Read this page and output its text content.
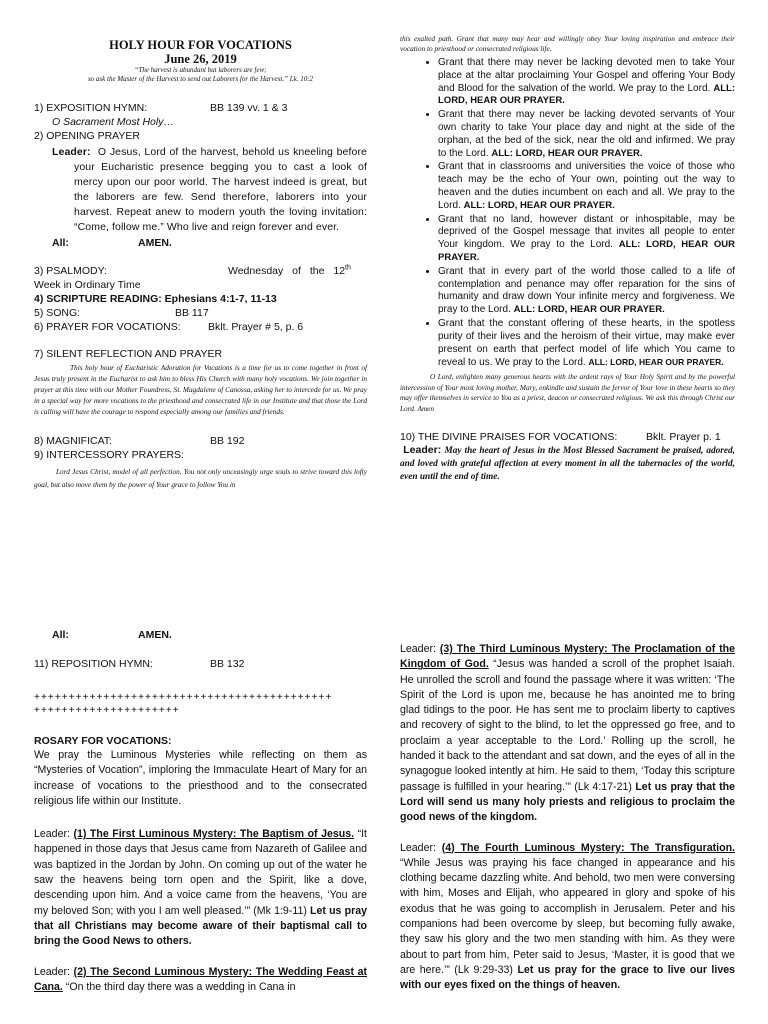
HOLY HOUR FOR VOCATIONS
June 26, 2019
“The harvest is abundant but laborers are few;
so ask the Master of the Harvest to send out Laborers for the Harvest.” Lk. 10:2
1) EXPOSITION HYMN:	BB 139 vv. 1 & 3
O Sacrament Most Holy…
2) OPENING PRAYER
Leader: O Jesus, Lord of the harvest, behold us kneeling before your Eucharistic presence begging you to cast a look of mercy upon our poor world. The harvest indeed is great, but the laborers are few. Send therefore, laborers into your harvest. Repeat anew to modern youth the loving invitation: “Come, follow me.” Who live and reign forever and ever.
All:	AMEN.
3) PSALMODY:	Wednesday of the 12th
Week in Ordinary Time
4) SCRIPTURE READING: Ephesians 4:1-7, 11-13
5) SONG:	BB 117
6) PRAYER FOR VOCATIONS:	Bklt. Prayer # 5, p. 6
7) SILENT REFLECTION AND PRAYER
This holy hour of Eucharistic Adoration for Vocations is a time for us to come together in front of Jesus truly present in the Eucharist to ask him to bless His Church with many holy vocations. We join together in prayer at this time with our Mother Foundress, St. Magdalene of Canossa, asking her to intercede for us. We pray in a special way for more vocations to the priesthood and consecrated life in our Institute and that those the Lord is calling will have the courage to respond especially among our families and friends.
8) MAGNIFICAT:	BB 192
9) INTERCESSORY PRAYERS:
Lord Jesus Christ, model of all perfection, You not only unceasingly urge souls to strive toward this lofty goal, but also move them by the power of Your grace to follow You in
this exalted path. Grant that many may hear and willingly obey Your loving inspiration and embrace their vocation to priesthood or consecrated religious life.
• Grant that there may never be lacking devoted men to take Your place at the altar proclaiming Your Gospel and offering Your Body and Blood for the salvation of the world. We pray to the Lord. ALL: LORD, HEAR OUR PRAYER.
• Grant that there may never be lacking devoted servants of Your own charity to take Your place day and night at the side of the orphan, at the bed of the sick, near the old and infirmed. We pray to the Lord. ALL: LORD, HEAR OUR PRAYER.
• Grant that in classrooms and universities the voice of those who teach may be the echo of Your own, pointing out the way to heaven and the duties incumbent on each and all. We pray to the Lord. ALL: LORD, HEAR OUR PRAYER.
• Grant that no land, however distant or inhospitable, may be deprived of the Gospel message that invites all people to enter Your kingdom. We pray to the Lord. ALL: LORD, HEAR OUR PRAYER.
• Grant that in every part of the world those called to a life of contemplation and penance may offer reparation for the sins of humanity and draw down Your infinite mercy and forgiveness. We pray to the Lord. ALL: LORD, HEAR OUR PRAYER.
• Grant that the constant offering of these hearts, in the spotless purity of their lives and the heroism of their virtue, may make ever present on earth that perfect model of life which You came to reveal to us. We pray to the Lord. ALL: LORD, HEAR OUR PRAYER.
O Lord, enlighten many generous hearts with the ardent rays of Your Holy Spirit and by the powerful intercession of Your most loving mother, Mary, enkindle and sustain the fervor of Your love in these hearts so they may offer themselves in service to You as a priest, deacon or consecrated religious. We ask this through Christ our Lord. Amen
10) THE DIVINE PRAISES FOR VOCATIONS:	Bklt. Prayer p. 1
Leader: May the heart of Jesus in the Most Blessed Sacrament be praised, adored, and loved with grateful affection at every moment in all the tabernacles of the world, even until the end of time.
All:	AMEN.
11) REPOSITION HYMN:	BB 132
+++++++++++++++++++++++++++++++++++++++++++
+++++++++++++++++++++
ROSARY FOR VOCATIONS:
We pray the Luminous Mysteries while reflecting on them as “Mysteries of Vocation”, imploring the Immaculate Heart of Mary for an increase of vocations to the priesthood and to the consecrated religious life within our Institute.
Leader: (1) The First Luminous Mystery: The Baptism of Jesus. “It happened in those days that Jesus came from Nazareth of Galilee and was baptized in the Jordan by John. On coming up out of the water he saw the heavens being torn open and the Spirit, like a dove, descending upon him. And a voice came from the heavens, ‘You are my beloved Son; with you I am well pleased.’” (Mk 1:9-11) Let us pray that all Christians may become aware of their baptismal call to bring the Good News to others.
Leader: (2) The Second Luminous Mystery: The Wedding Feast at Cana. “On the third day there was a wedding in Cana in
Leader: (3) The Third Luminous Mystery: The Proclamation of the Kingdom of God. “Jesus was handed a scroll of the prophet Isaiah. He unrolled the scroll and found the passage where it was written: ‘The Spirit of the Lord is upon me, because he has anointed me to bring glad tidings to the poor. He has sent me to proclaim liberty to captives and recovery of sight to the blind, to let the oppressed go free, and to proclaim a year acceptable to the Lord.’ Rolling up the scroll, he handed it back to the attendant and sat down, and the eyes of all in the synagogue looked intently at him. He said to them, ‘Today this scripture passage is fulfilled in your hearing.’” (Lk 4:17-21) Let us pray that the Lord will send us many holy priests and religious to proclaim the good news of the kingdom.
Leader: (4) The Fourth Luminous Mystery: The Transfiguration. “While Jesus was praying his face changed in appearance and his clothing became dazzling white. And behold, two men were conversing with him, Moses and Elijah, who appeared in glory and spoke of his exodus that he was going to accomplish in Jerusalem. Peter and his companions had been overcome by sleep, but becoming fully awake, they saw his glory and the two men standing with him. As they were about to part from him, Peter said to Jesus, ‘Master, it is good that we are here.’” (Lk 9:29-33) Let us pray for the grace to live our lives with our eyes fixed on the things of heaven.
